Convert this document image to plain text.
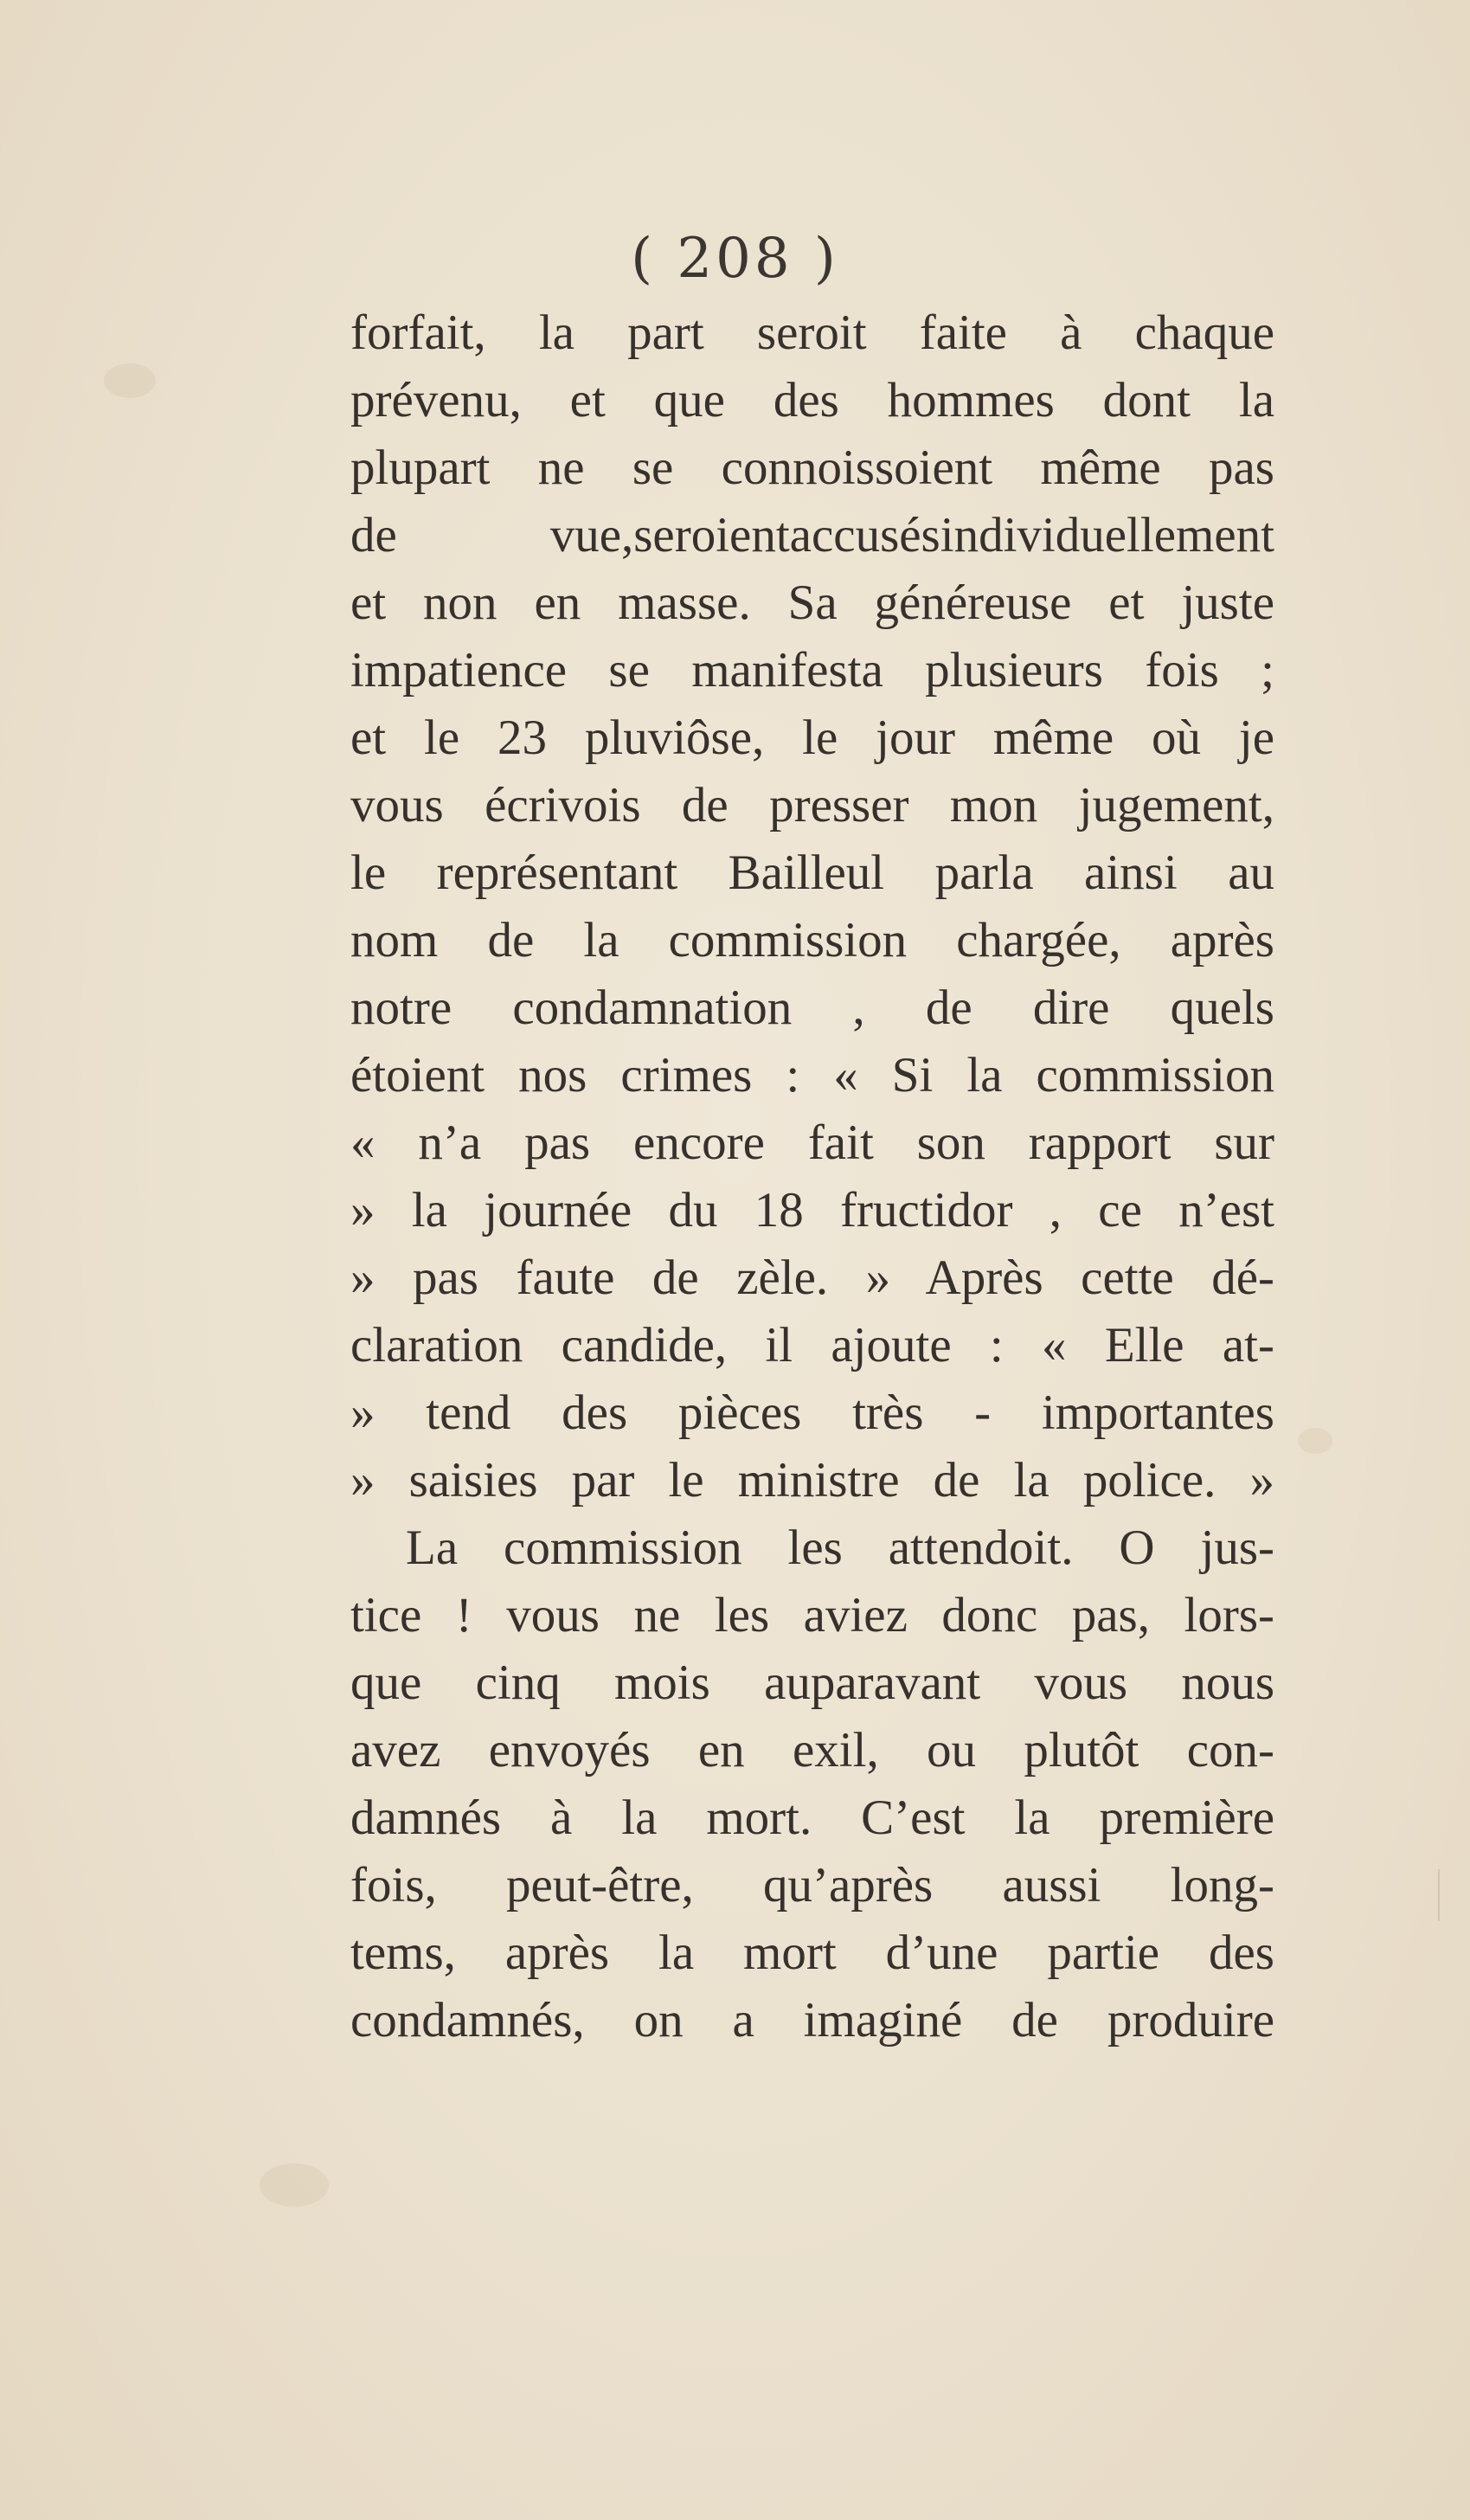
( 208 )
forfait, la part seroit faite à chaque
prévenu, et que des hommes dont la
plupart ne se connoissoient même pas
de vue,seroientaccusésindividuellement
et non en masse. Sa généreuse et juste
impatience se manifesta plusieurs fois ;
et le 23 pluviôse, le jour même où je
vous écrivois de presser mon jugement,
le représentant Bailleul parla ainsi au
nom de la commission chargée, après
notre condamnation , de dire quels
étoient nos crimes : « Si la commission
« n’a pas encore fait son rapport sur
» la journée du 18 fructidor , ce n’est
» pas faute de zèle. » Après cette dé-
claration candide, il ajoute : « Elle at-
» tend des pièces très - importantes
» saisies par le ministre de la police. »
La commission les attendoit. O jus-
tice ! vous ne les aviez donc pas, lors-
que cinq mois auparavant vous nous
avez envoyés en exil, ou plutôt con-
damnés à la mort. C’est la première
fois, peut-être, qu’après aussi long-
tems, après la mort d’une partie des
condamnés, on a imaginé de produire
